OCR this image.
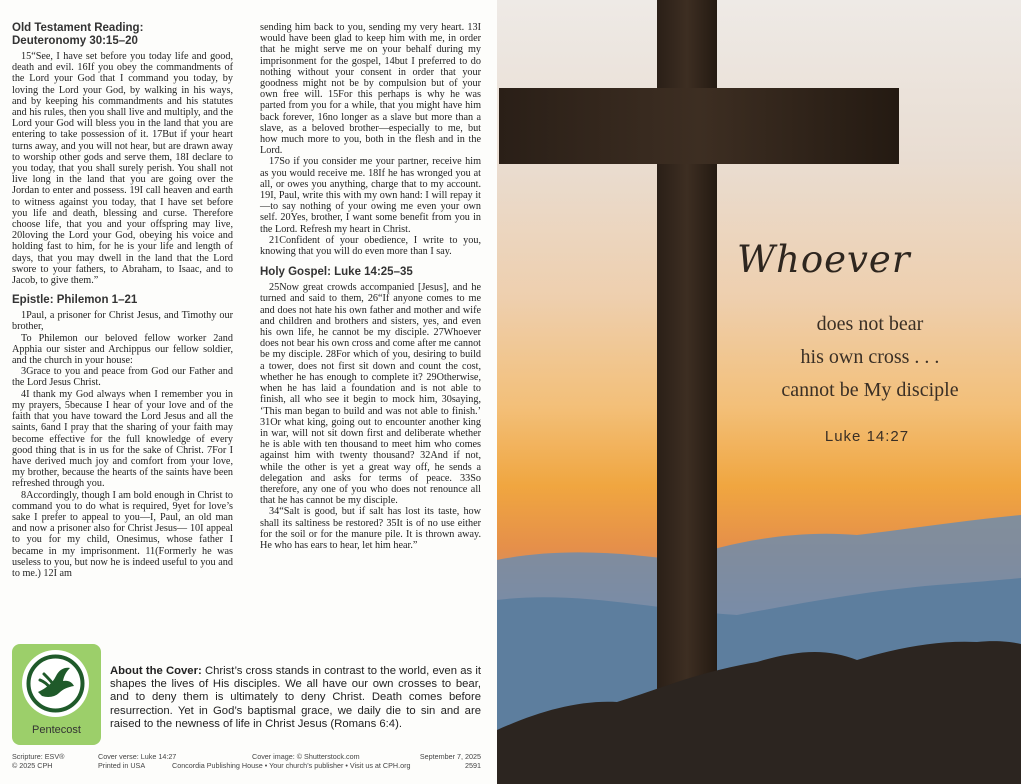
Old Testament Reading:
Deuteronomy 30:15–20

15“See, I have set before you today life and good, death and evil. 16If you obey the commandments of the Lord your God that I command you today, by loving the Lord your God, by walking in his ways, and by keeping his commandments and his statutes and his rules, then you shall live and multiply, and the Lord your God will bless you in the land that you are entering to take possession of it. 17But if your heart turns away, and you will not hear, but are drawn away to worship other gods and serve them, 18I declare to you today, that you shall surely perish. You shall not live long in the land that you are going over the Jordan to enter and possess. 19I call heaven and earth to witness against you today, that I have set before you life and death, blessing and curse. Therefore choose life, that you and your offspring may live, 20loving the Lord your God, obeying his voice and holding fast to him, for he is your life and length of days, that you may dwell in the land that the Lord swore to your fathers, to Abraham, to Isaac, and to Jacob, to give them.”

Epistle: Philemon 1–21

1Paul, a prisoner for Christ Jesus, and Timothy our brother,

To Philemon our beloved fellow worker 2and Apphia our sister and Archippus our fellow soldier, and the church in your house:

3Grace to you and peace from God our Father and the Lord Jesus Christ.

4I thank my God always when I remember you in my prayers, 5because I hear of your love and of the faith that you have toward the Lord Jesus and all the saints, 6and I pray that the sharing of your faith may become effective for the full knowledge of every good thing that is in us for the sake of Christ. 7For I have derived much joy and comfort from your love, my brother, because the hearts of the saints have been refreshed through you.

8Accordingly, though I am bold enough in Christ to command you to do what is required, 9yet for love’s sake I prefer to appeal to you—I, Paul, an old man and now a prisoner also for Christ Jesus— 10I appeal to you for my child, Onesimus, whose father I became in my imprisonment. 11(Formerly he was useless to you, but now he is indeed useful to you and to me.) 12I am

sending him back to you, sending my very heart. 13I would have been glad to keep him with me, in order that he might serve me on your behalf during my imprisonment for the gospel, 14but I preferred to do nothing without your consent in order that your goodness might not be by compulsion but of your own free will. 15For this perhaps is why he was parted from you for a while, that you might have him back forever, 16no longer as a slave but more than a slave, as a beloved brother—especially to me, but how much more to you, both in the flesh and in the Lord.

17So if you consider me your partner, receive him as you would receive me. 18If he has wronged you at all, or owes you anything, charge that to my account. 19I, Paul, write this with my own hand: I will repay it—to say nothing of your owing me even your own self. 20Yes, brother, I want some benefit from you in the Lord. Refresh my heart in Christ.

21Confident of your obedience, I write to you, knowing that you will do even more than I say.

Holy Gospel: Luke 14:25–35

25Now great crowds accompanied [Jesus], and he turned and said to them, 26“If anyone comes to me and does not hate his own father and mother and wife and children and brothers and sisters, yes, and even his own life, he cannot be my disciple. 27Whoever does not bear his own cross and come after me cannot be my disciple. 28For which of you, desiring to build a tower, does not first sit down and count the cost, whether he has enough to complete it? 29Otherwise, when he has laid a foundation and is not able to finish, all who see it begin to mock him, 30saying, ‘This man began to build and was not able to finish.’ 31Or what king, going out to encounter another king in war, will not sit down first and deliberate whether he is able with ten thousand to meet him who comes against him with twenty thousand? 32And if not, while the other is yet a great way off, he sends a delegation and asks for terms of peace. 33So therefore, any one of you who does not renounce all that he has cannot be my disciple.

34“Salt is good, but if salt has lost its taste, how shall its saltiness be restored? 35It is of no use either for the soil or for the manure pile. It is thrown away. He who has ears to hear, let him hear.”

Pentecost
About the Cover: Christ’s cross stands in contrast to the world, even as it shapes the lives of His disciples. We all have our own crosses to bear, and to deny them is ultimately to deny Christ. Death comes before resurrection. Yet in God’s baptismal grace, we daily die to sin and are raised to the newness of life in Christ Jesus (Romans 6:4).
Scripture: ESV®
© 2025 CPH
Cover verse: Luke 14:27
Printed in USA
Cover image: © Shutterstock.com
Concordia Publishing House • Your church’s publisher • Visit us at CPH.org
September 7, 2025
2591
Whoever
does not bear
his own cross . . .
cannot be My disciple
Luke 14:27
